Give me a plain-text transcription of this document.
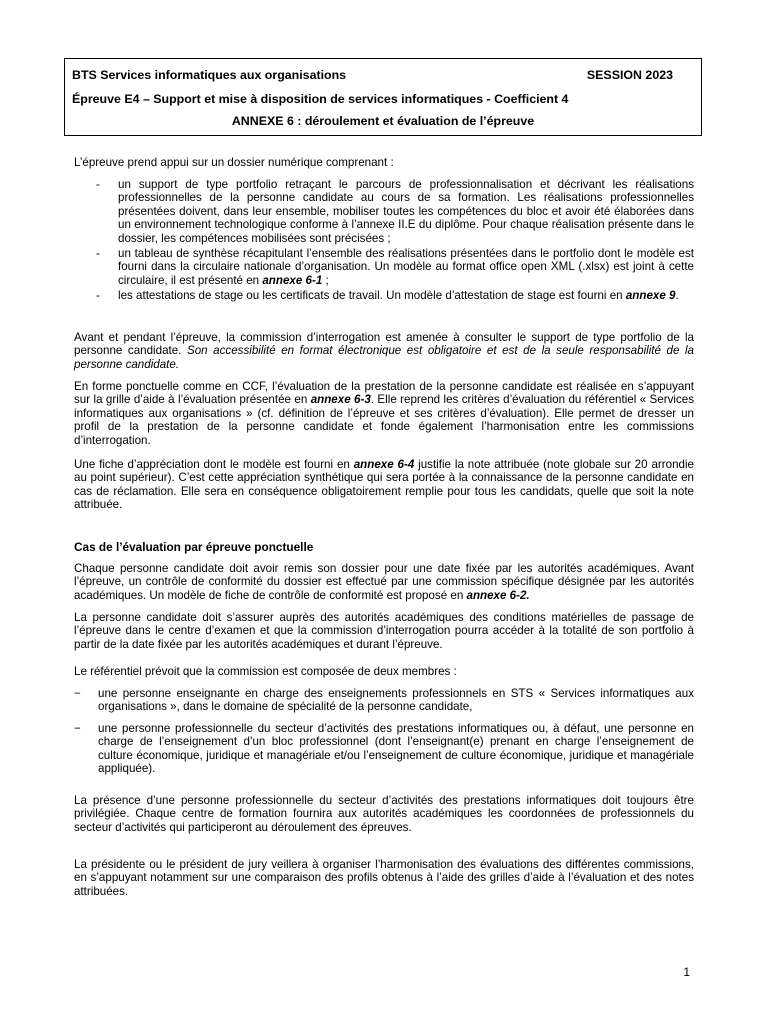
BTS Services informatiques aux organisations	SESSION 2023
Épreuve E4 – Support et mise à disposition de services informatiques - Coefficient 4
ANNEXE 6 : déroulement et évaluation de l’épreuve

L’épreuve prend appui sur un dossier numérique comprenant :

- un support de type portfolio retraçant le parcours de professionnalisation et décrivant les réalisations professionnelles de la personne candidate au cours de sa formation. Les réalisations professionnelles présentées doivent, dans leur ensemble, mobiliser toutes les compétences du bloc et avoir été élaborées dans un environnement technologique conforme à l’annexe II.E du diplôme. Pour chaque réalisation présente dans le dossier, les compétences mobilisées sont précisées ;
- un tableau de synthèse récapitulant l’ensemble des réalisations présentées dans le portfolio dont le modèle est fourni dans la circulaire nationale d’organisation. Un modèle au format office open XML (.xlsx) est joint à cette circulaire, il est présenté en annexe 6-1 ;
- les attestations de stage ou les certificats de travail. Un modèle d’attestation de stage est fourni en annexe 9.

Avant et pendant l’épreuve, la commission d’interrogation est amenée à consulter le support de type portfolio de la personne candidate. Son accessibilité en format électronique est obligatoire et est de la seule responsabilité de la personne candidate.

En forme ponctuelle comme en CCF, l’évaluation de la prestation de la personne candidate est réalisée en s’appuyant sur la grille d’aide à l’évaluation présentée en annexe 6-3. Elle reprend les critères d’évaluation du référentiel « Services informatiques aux organisations » (cf. définition de l’épreuve et ses critères d’évaluation). Elle permet de dresser un profil de la prestation de la personne candidate et fonde également l’harmonisation entre les commissions d’interrogation.

Une fiche d’appréciation dont le modèle est fourni en annexe 6-4 justifie la note attribuée (note globale sur 20 arrondie au point supérieur). C’est cette appréciation synthétique qui sera portée à la connaissance de la personne candidate en cas de réclamation. Elle sera en conséquence obligatoirement remplie pour tous les candidats, quelle que soit la note attribuée.

Cas de l’évaluation par épreuve ponctuelle

Chaque personne candidate doit avoir remis son dossier pour une date fixée par les autorités académiques. Avant l’épreuve, un contrôle de conformité du dossier est effectué par une commission spécifique désignée par les autorités académiques. Un modèle de fiche de contrôle de conformité est proposé en annexe 6-2.

La personne candidate doit s’assurer auprès des autorités académiques des conditions matérielles de passage de l’épreuve dans le centre d’examen et que la commission d’interrogation pourra accéder à la totalité de son portfolio à partir de la date fixée par les autorités académiques et durant l’épreuve.

Le référentiel prévoit que la commission est composée de deux membres :

− une personne enseignante en charge des enseignements professionnels en STS « Services informatiques aux organisations », dans le domaine de spécialité de la personne candidate,
− une personne professionnelle du secteur d’activités des prestations informatiques ou, à défaut, une personne en charge de l’enseignement d’un bloc professionnel (dont l’enseignant(e) prenant en charge l’enseignement de culture économique, juridique et managériale et/ou l’enseignement de culture économique, juridique et managériale appliquée).

La présence d’une personne professionnelle du secteur d’activités des prestations informatiques doit toujours être privilégiée. Chaque centre de formation fournira aux autorités académiques les coordonnées de professionnels du secteur d’activités qui participeront au déroulement des épreuves.

La présidente ou le président de jury veillera à organiser l’harmonisation des évaluations des différentes commissions, en s’appuyant notamment sur une comparaison des profils obtenus à l’aide des grilles d’aide à l’évaluation et des notes attribuées.

1
